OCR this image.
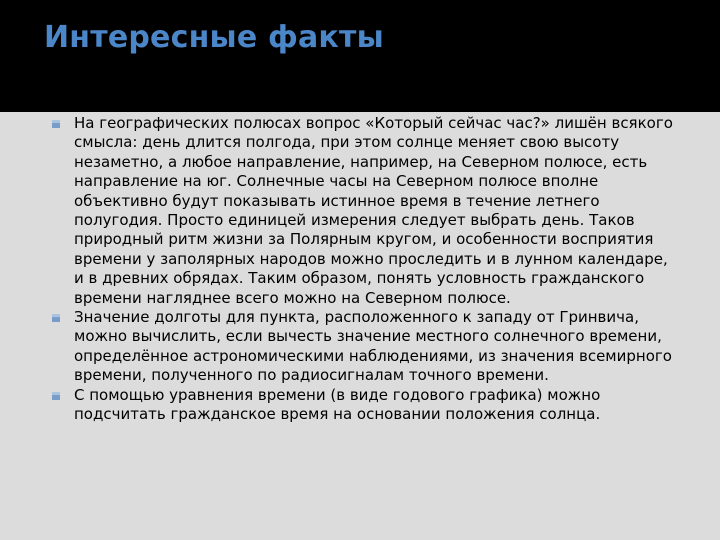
Интересные факты
На географических полюсах вопрос «Который сейчас час?» лишён всякого смысла: день длится полгода, при этом солнце меняет свою высоту незаметно, а любое направление, например, на Северном полюсе, есть направление на юг. Солнечные часы на Северном полюсе вполне объективно будут показывать истинное время в течение летнего полугодия. Просто единицей измерения следует выбрать день. Таков природный ритм жизни за Полярным кругом, и особенности восприятия времени у заполярных народов можно проследить и в лунном календаре, и в древних обрядах. Таким образом, понять условность гражданского времени нагляднее всего можно на Северном полюсе.
Значение долготы для пункта, расположенного к западу от Гринвича, можно вычислить, если вычесть значение местного солнечного времени, определённое астрономическими наблюдениями, из значения всемирного времени, полученного по радиосигналам точного времени.
С помощью уравнения времени (в виде годового графика) можно подсчитать гражданское время на основании положения солнца.
